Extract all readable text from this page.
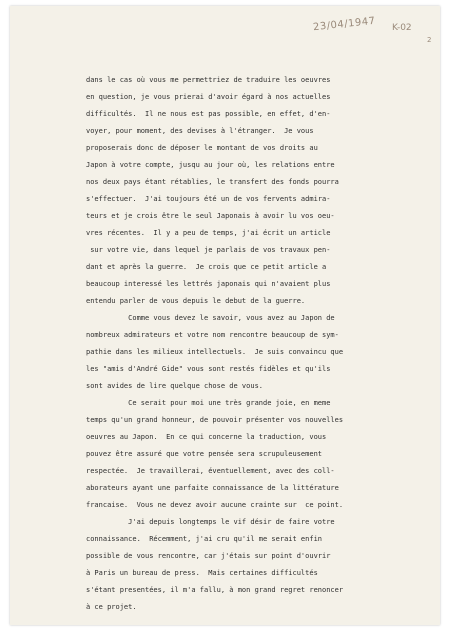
23/04/1947 K-02
2
dans le cas où vous me permettriez de traduire les oeuvres
en question, je vous prierai d'avoir égard à nos actuelles
difficultés.  Il ne nous est pas possible, en effet, d'en-
voyer, pour moment, des devises à l'étranger.  Je vous
proposerais donc de déposer le montant de vos droits au
Japon à votre compte, jusqu au jour où, les relations entre
nos deux pays étant rétablies, le transfert des fonds pourra
s'effectuer.  J'ai toujours été un de vos fervents admira-
teurs et je crois être le seul Japonais à avoir lu vos oeu-
vres récentes.  Il y a peu de temps, j'ai écrit un article
sur votre vie, dans lequel je parlais de vos travaux pen-
dant et après la guerre.  Je crois que ce petit article a
beaucoup interessé les lettrés japonais qui n'avaient plus
entendu parler de vous depuis le debut de la guerre.
Comme vous devez le savoir, vous avez au Japon de
nombreux admirateurs et votre nom rencontre beaucoup de sym-
pathie dans les milieux intellectuels.  Je suis convaincu que
les "amis d'André Gide" vous sont restés fidèles et qu'ils
sont avides de lire quelque chose de vous.
Ce serait pour moi une très grande joie, en meme
temps qu'un grand honneur, de pouvoir présenter vos nouvelles
oeuvres au Japon.  En ce qui concerne la traduction, vous
pouvez être assuré que votre pensée sera scrupuleusement
respectée.  Je travaillerai, éventuellement, avec des coll-
aborateurs ayant une parfaite connaissance de la littérature
francaise.  Vous ne devez avoir aucune crainte sur  ce point.
J'ai depuis longtemps le vif désir de faire votre
connaissance.  Récemment, j'ai cru qu'il me serait enfin
possible de vous rencontre, car j'étais sur point d'ouvrir
à Paris un bureau de press.  Mais certaines difficultés
s'étant presentées, il m'a fallu, à mon grand regret renoncer
à ce projet.
